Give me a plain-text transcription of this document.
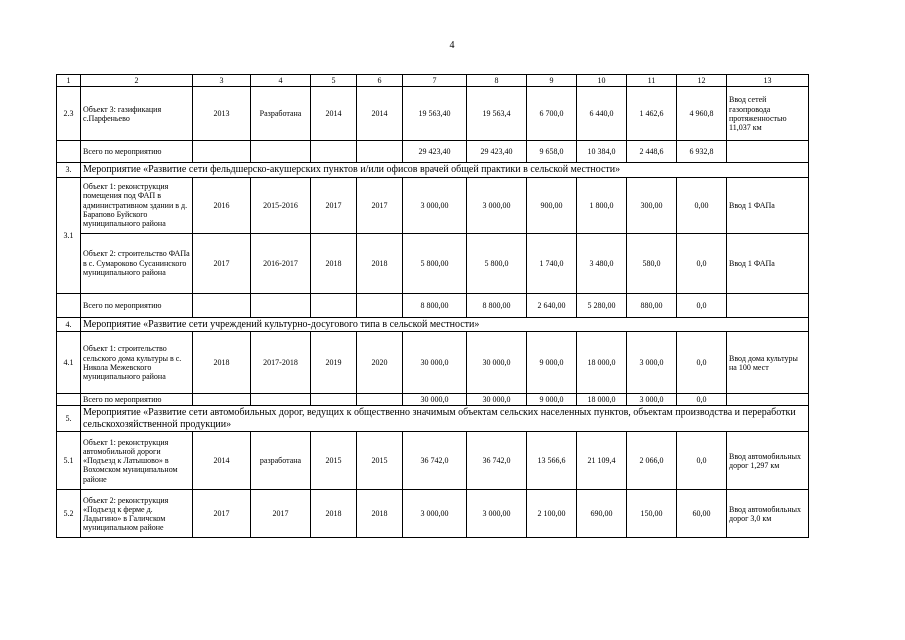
4
1	2	3	4	5	6	7	8	9	10	11	12	13
2.3	Объект 3: газификация с.Парфеньево	2013	Разработана	2014	2014	19 563,40	19 563,4	6 700,0	6 440,0	1 462,6	4 960,8	Ввод сетей газопровода протяженностью 11,037 км
	Всего по мероприятию					29 423,40	29 423,40	9 658,0	10 384,0	2 448,6	6 932,8	
3.	Мероприятие «Развитие сети фельдшерско-акушерских пунктов и/или офисов врачей общей практики в сельской местности»											
3.1	Объект 1: реконструкция помещения под ФАП в административном здании в д. Барапово Буйского муниципального района	2016	2015-2016	2017	2017	3 000,00	3 000,00	900,00	1 800,0	300,00	0,00	Ввод 1 ФАПа
	Объект 2: строительство ФАПа в с. Сумароково Сусанинского муниципального района	2017	2016-2017	2018	2018	5 800,00	5 800,0	1 740,0	3 480,0	580,0	0,0	Ввод 1 ФАПа
	Всего по мероприятию					8 800,00	8 800,00	2 640,00	5 280,00	880,00	0,0	
4.	Мероприятие «Развитие сети учреждений культурно-досугового типа в сельской местности»											
4.1	Объект 1: строительство сельского дома культуры в с. Никола Межевского муниципального района	2018	2017-2018	2019	2020	30 000,0	30 000,0	9 000,0	18 000,0	3 000,0	0,0	Ввод дома культуры на 100 мест
	Всего по мероприятию					30 000,0	30 000,0	9 000,0	18 000,0	3 000,0	0,0	
5.	Мероприятие «Развитие сети автомобильных дорог, ведущих к общественно значимым объектам сельских населенных пунктов, объектам производства и переработки сельскохозяйственной продукции»											
5.1	Объект 1: реконструкция автомобильной дороги «Подъезд к Латышово» в Вохомском муниципальном районе	2014	разработана	2015	2015	36 742,0	36 742,0	13 566,6	21 109,4	2 066,0	0,0	Ввод автомобильных дорог 1,297 км
5.2	Объект 2: реконструкция «Подъезд к ферме д. Ладыгино» в Галичском муниципальном районе	2017	2017	2018	2018	3 000,00	3 000,00	2 100,00	690,00	150,00	60,00	Ввод автомобильных дорог 3,0 км
